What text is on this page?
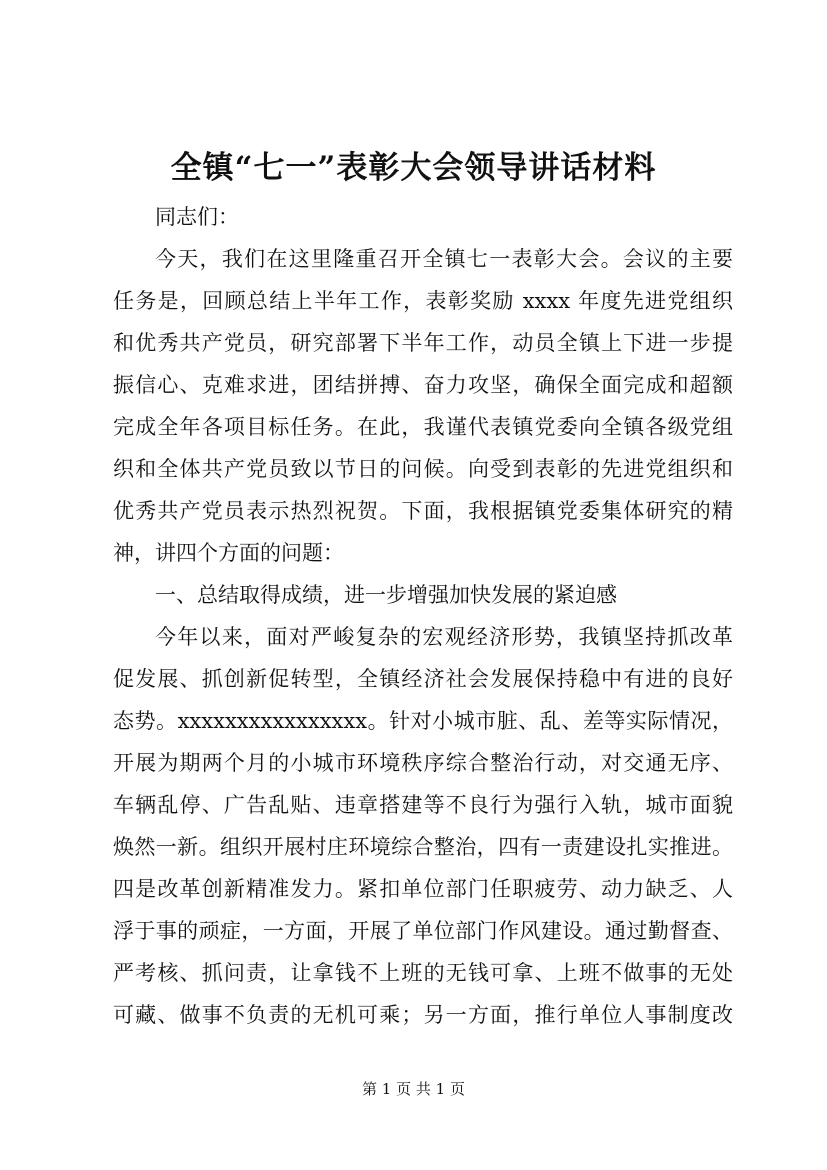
全镇“七一”表彰大会领导讲话材料
同志们：
今天，我们在这里隆重召开全镇七一表彰大会。会议的主要
任务是，回顾总结上半年工作，表彰奖励 xxxx 年度先进党组织
和优秀共产党员，研究部署下半年工作，动员全镇上下进一步提
振信心、克难求进，团结拼搏、奋力攻坚，确保全面完成和超额
完成全年各项目标任务。在此，我谨代表镇党委向全镇各级党组
织和全体共产党员致以节日的问候。向受到表彰的先进党组织和
优秀共产党员表示热烈祝贺。下面，我根据镇党委集体研究的精
神，讲四个方面的问题：
一、总结取得成绩，进一步增强加快发展的紧迫感
今年以来，面对严峻复杂的宏观经济形势，我镇坚持抓改革
促发展、抓创新促转型，全镇经济社会发展保持稳中有进的良好
态势。xxxxxxxxxxxxxxxx。针对小城市脏、乱、差等实际情况，
开展为期两个月的小城市环境秩序综合整治行动，对交通无序、
车辆乱停、广告乱贴、违章搭建等不良行为强行入轨，城市面貌
焕然一新。组织开展村庄环境综合整治，四有一责建设扎实推进。
四是改革创新精准发力。紧扣单位部门任职疲劳、动力缺乏、人
浮于事的顽症，一方面，开展了单位部门作风建设。通过勤督查、
严考核、抓问责，让拿钱不上班的无钱可拿、上班不做事的无处
可藏、做事不负责的无机可乘；另一方面，推行单位人事制度改
第 1 页 共 1 页
